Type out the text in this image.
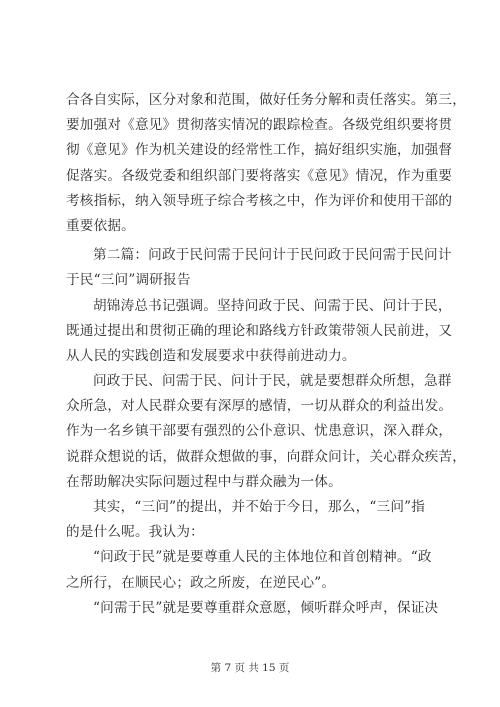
合各自实际，区分对象和范围，做好任务分解和责任落实。第三，
要加强对《意见》贯彻落实情况的跟踪检查。各级党组织要将贯
彻《意见》作为机关建设的经常性工作，搞好组织实施，加强督
促落实。各级党委和组织部门要将落实《意见》情况，作为重要
考核指标，纳入领导班子综合考核之中，作为评价和使用干部的
重要依据。
第二篇：问政于民问需于民问计于民问政于民问需于民问计
于民“三问”调研报告
胡锦涛总书记强调。坚持问政于民、问需于民、问计于民，
既通过提出和贯彻正确的理论和路线方针政策带领人民前进，又
从人民的实践创造和发展要求中获得前进动力。
问政于民、问需于民、问计于民，就是要想群众所想，急群
众所急，对人民群众要有深厚的感情，一切从群众的利益出发。
作为一名乡镇干部要有强烈的公仆意识、忧患意识，深入群众，
说群众想说的话，做群众想做的事，向群众问计，关心群众疾苦，
在帮助解决实际问题过程中与群众融为一体。
其实，“三问”的提出，并不始于今日，那么，“三问”指
的是什么呢。我认为：
“问政于民”就是要尊重人民的主体地位和首创精神。“政
之所行，在顺民心；政之所废，在逆民心”。
“问需于民”就是要尊重群众意愿，倾听群众呼声，保证决
第 7 页 共 15 页
